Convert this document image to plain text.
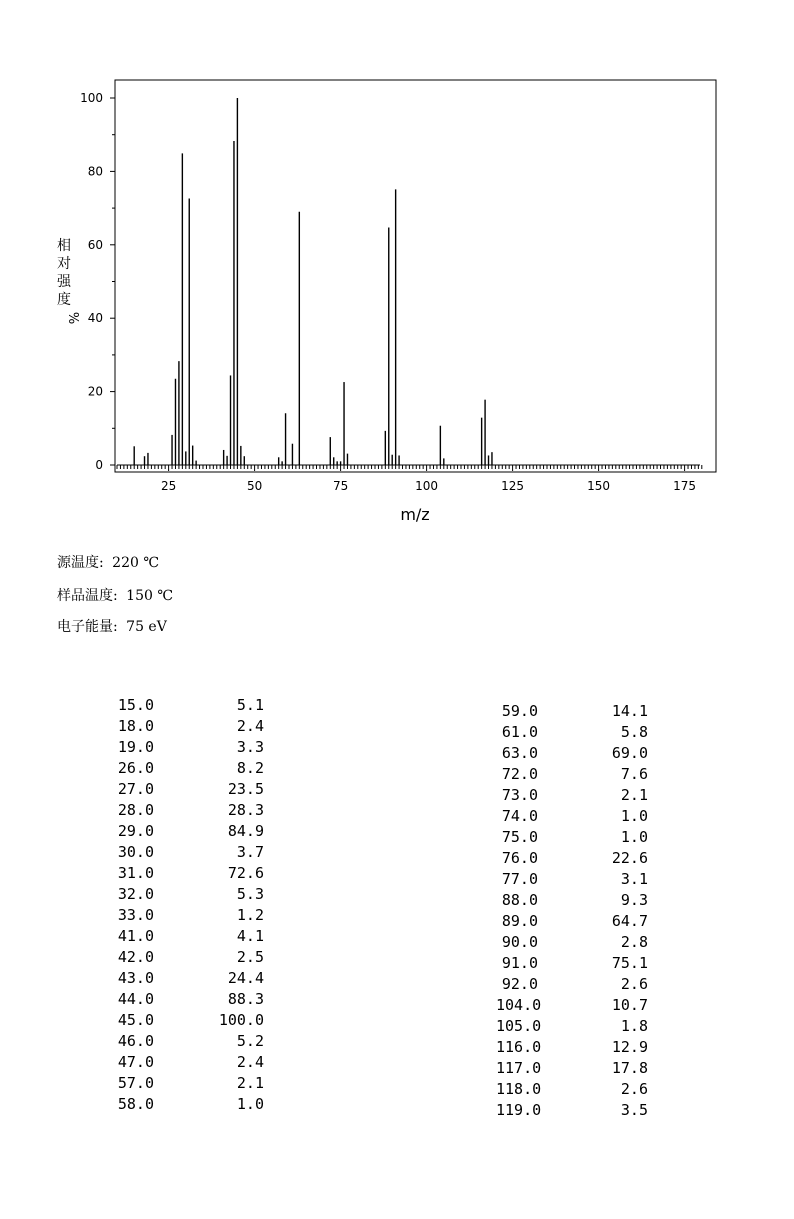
25	50	75	100	125	150	175
0
20
40
60
80
100
m/z
相
对
强
度
%
源温度: 220 ℃
样品温度: 150 ℃
电子能量: 75 eV
15.0	5.1
18.0	2.4
19.0	3.3
26.0	8.2
27.0	23.5
28.0	28.3
29.0	84.9
30.0	3.7
31.0	72.6
32.0	5.3
33.0	1.2
41.0	4.1
42.0	2.5
43.0	24.4
44.0	88.3
45.0	100.0
46.0	5.2
47.0	2.4
57.0	2.1
58.0	1.0
59.0	14.1
61.0	5.8
63.0	69.0
72.0	7.6
73.0	2.1
74.0	1.0
75.0	1.0
76.0	22.6
77.0	3.1
88.0	9.3
89.0	64.7
90.0	2.8
91.0	75.1
92.0	2.6
104.0	10.7
105.0	1.8
116.0	12.9
117.0	17.8
118.0	2.6
119.0	3.5
